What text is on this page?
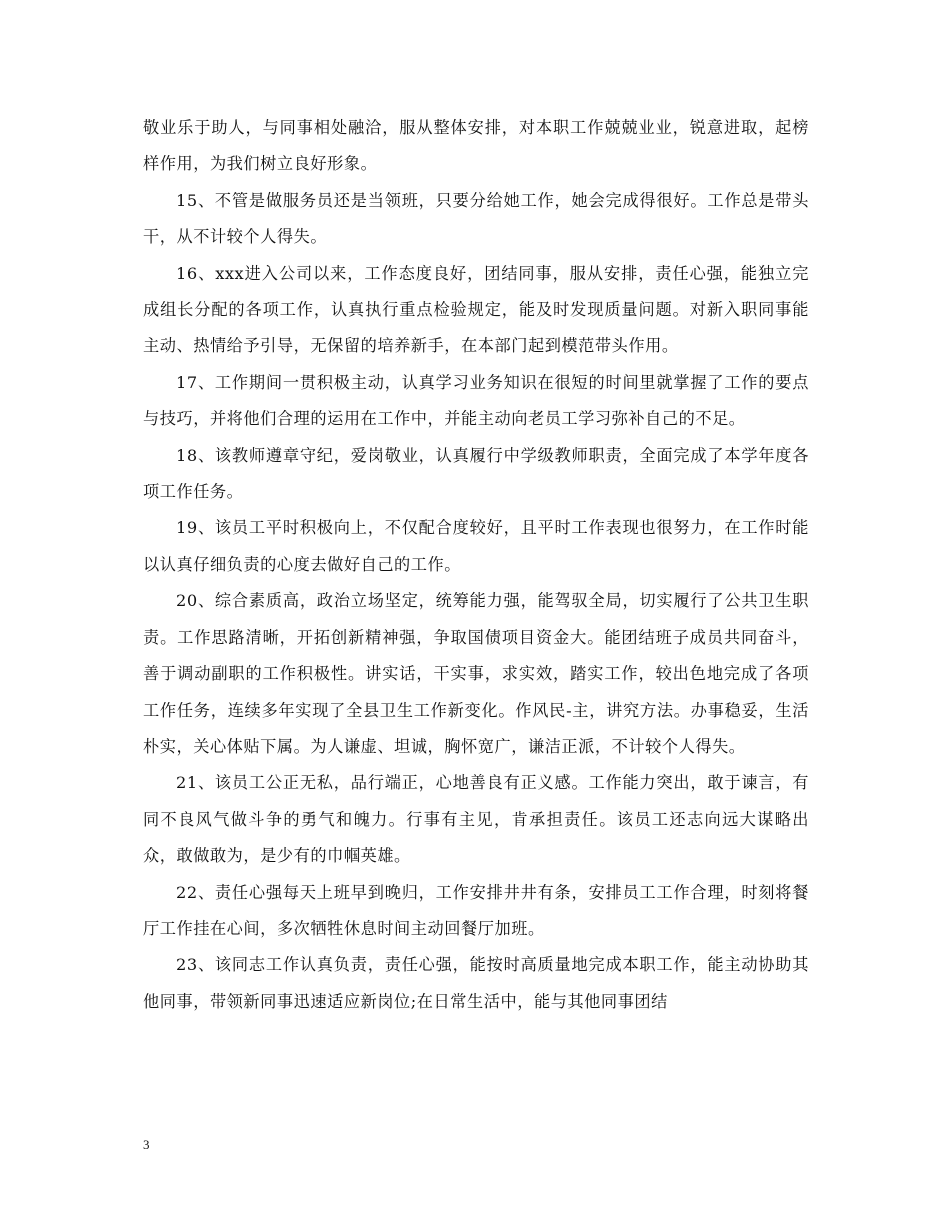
敬业乐于助人，与同事相处融洽，服从整体安排，对本职工作兢兢业业，锐意进取，起榜样作用，为我们树立良好形象。

15、不管是做服务员还是当领班，只要分给她工作，她会完成得很好。工作总是带头干，从不计较个人得失。

16、xxx进入公司以来，工作态度良好，团结同事，服从安排，责任心强，能独立完成组长分配的各项工作，认真执行重点检验规定，能及时发现质量问题。对新入职同事能主动、热情给予引导，无保留的培养新手，在本部门起到模范带头作用。

17、工作期间一贯积极主动，认真学习业务知识在很短的时间里就掌握了工作的要点与技巧，并将他们合理的运用在工作中，并能主动向老员工学习弥补自己的不足。

18、该教师遵章守纪，爱岗敬业，认真履行中学级教师职责，全面完成了本学年度各项工作任务。

19、该员工平时积极向上，不仅配合度较好，且平时工作表现也很努力，在工作时能以认真仔细负责的心度去做好自己的工作。

20、综合素质高，政治立场坚定，统筹能力强，能驾驭全局，切实履行了公共卫生职责。工作思路清晰，开拓创新精神强，争取国债项目资金大。能团结班子成员共同奋斗，善于调动副职的工作积极性。讲实话，干实事，求实效，踏实工作，较出色地完成了各项工作任务，连续多年实现了全县卫生工作新变化。作风民-主，讲究方法。办事稳妥，生活朴实，关心体贴下属。为人谦虚、坦诚，胸怀宽广，谦洁正派，不计较个人得失。

21、该员工公正无私，品行端正，心地善良有正义感。工作能力突出，敢于谏言，有同不良风气做斗争的勇气和魄力。行事有主见，肯承担责任。该员工还志向远大谋略出众，敢做敢为，是少有的巾帼英雄。

22、责任心强每天上班早到晚归，工作安排井井有条，安排员工工作合理，时刻将餐厅工作挂在心间，多次牺牲休息时间主动回餐厅加班。

23、该同志工作认真负责，责任心强，能按时高质量地完成本职工作，能主动协助其他同事，带领新同事迅速适应新岗位;在日常生活中，能与其他同事团结

3
